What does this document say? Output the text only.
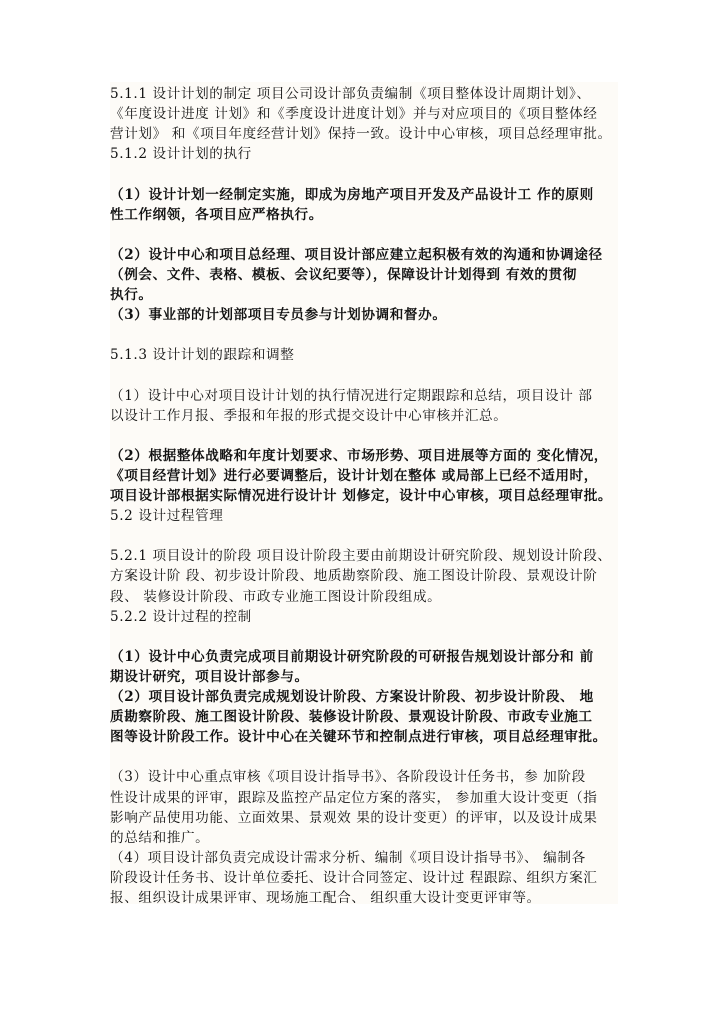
5.1.1 设计计划的制定 项目公司设计部负责编制《项目整体设计周期计划》、
《年度设计进度 计划》和《季度设计进度计划》并与对应项目的《项目整体经
营计划》 和《项目年度经营计划》保持一致。设计中心审核，项目总经理审批。
5.1.2 设计计划的执行
（1）设计计划一经制定实施，即成为房地产项目开发及产品设计工 作的原则
性工作纲领，各项目应严格执行。
（2）设计中心和项目总经理、项目设计部应建立起积极有效的沟通和协调途径
（例会、文件、表格、模板、会议纪要等），保障设计计划得到 有效的贯彻
执行。
（3）事业部的计划部项目专员参与计划协调和督办。
5.1.3 设计计划的跟踪和调整
（1）设计中心对项目设计计划的执行情况进行定期跟踪和总结，项目设计 部
以设计工作月报、季报和年报的形式提交设计中心审核并汇总。
（2）根据整体战略和年度计划要求、市场形势、项目进展等方面的 变化情况，
《项目经营计划》进行必要调整后，设计计划在整体 或局部上已经不适用时，
项目设计部根据实际情况进行设计计 划修定，设计中心审核，项目总经理审批。
5.2 设计过程管理
5.2.1 项目设计的阶段 项目设计阶段主要由前期设计研究阶段、规划设计阶段、
方案设计阶 段、初步设计阶段、地质勘察阶段、施工图设计阶段、景观设计阶
段、 装修设计阶段、市政专业施工图设计阶段组成。
5.2.2 设计过程的控制
（1）设计中心负责完成项目前期设计研究阶段的可研报告规划设计部分和 前
期设计研究，项目设计部参与。
（2）项目设计部负责完成规划设计阶段、方案设计阶段、初步设计阶段、 地
质勘察阶段、施工图设计阶段、装修设计阶段、景观设计阶段、市政专业施工
图等设计阶段工作。设计中心在关键环节和控制点进行审核，项目总经理审批。
（3）设计中心重点审核《项目设计指导书》、各阶段设计任务书，参 加阶段
性设计成果的评审，跟踪及监控产品定位方案的落实， 参加重大设计变更（指
影响产品使用功能、立面效果、景观效 果的设计变更）的评审，以及设计成果
的总结和推广。
（4）项目设计部负责完成设计需求分析、编制《项目设计指导书》、 编制各
阶段设计任务书、设计单位委托、设计合同签定、设计过 程跟踪、组织方案汇
报、组织设计成果评审、现场施工配合、 组织重大设计变更评审等。
